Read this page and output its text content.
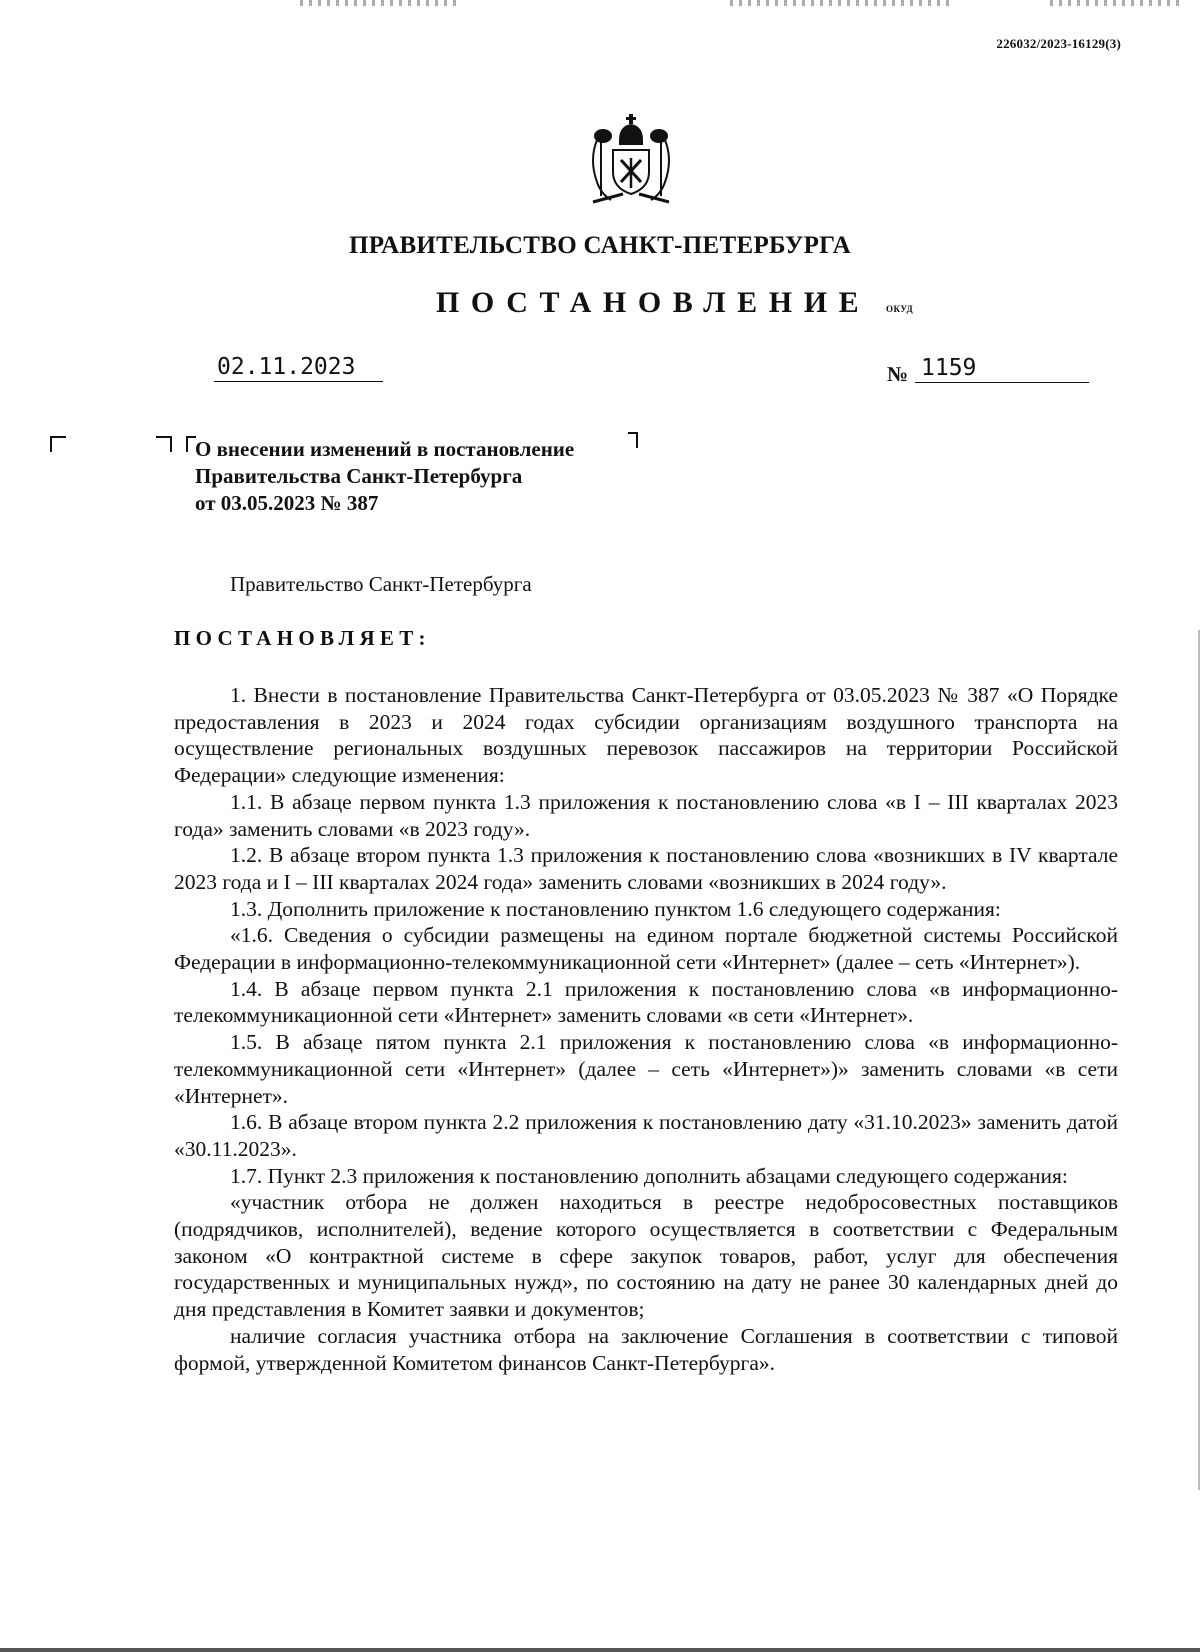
226032/2023-16129(3)
ПРАВИТЕЛЬСТВО САНКТ-ПЕТЕРБУРГА
ПОСТАНОВЛЕНИЕ ОКУД
02.11.2023	№ 1159
О внесении изменений в постановление
Правительства Санкт-Петербурга
от 03.05.2023 № 387
Правительство Санкт-Петербурга
ПОСТАНОВЛЯЕТ:

1. Внести в постановление Правительства Санкт-Петербурга от 03.05.2023 № 387 «О Порядке предоставления в 2023 и 2024 годах субсидии организациям воздушного транспорта на осуществление региональных воздушных перевозок пассажиров на территории Российской Федерации» следующие изменения:

1.1. В абзаце первом пункта 1.3 приложения к постановлению слова «в I – III кварталах 2023 года» заменить словами «в 2023 году».

1.2. В абзаце втором пункта 1.3 приложения к постановлению слова «возникших в IV квартале 2023 года и I – III кварталах 2024 года» заменить словами «возникших в 2024 году».

1.3. Дополнить приложение к постановлению пунктом 1.6 следующего содержания:

«1.6. Сведения о субсидии размещены на едином портале бюджетной системы Российской Федерации в информационно-телекоммуникационной сети «Интернет» (далее – сеть «Интернет»).

1.4. В абзаце первом пункта 2.1 приложения к постановлению слова «в информационно-телекоммуникационной сети «Интернет» заменить словами «в сети «Интернет».

1.5. В абзаце пятом пункта 2.1 приложения к постановлению слова «в информационно-телекоммуникационной сети «Интернет» (далее – сеть «Интернет»)» заменить словами «в сети «Интернет».

1.6. В абзаце втором пункта 2.2 приложения к постановлению дату «31.10.2023» заменить датой «30.11.2023».

1.7. Пункт 2.3 приложения к постановлению дополнить абзацами следующего содержания:

«участник отбора не должен находиться в реестре недобросовестных поставщиков (подрядчиков, исполнителей), ведение которого осуществляется в соответствии с Федеральным законом «О контрактной системе в сфере закупок товаров, работ, услуг для обеспечения государственных и муниципальных нужд», по состоянию на дату не ранее 30 календарных дней до дня представления в Комитет заявки и документов;

наличие согласия участника отбора на заключение Соглашения в соответствии с типовой формой, утвержденной Комитетом финансов Санкт-Петербурга».
